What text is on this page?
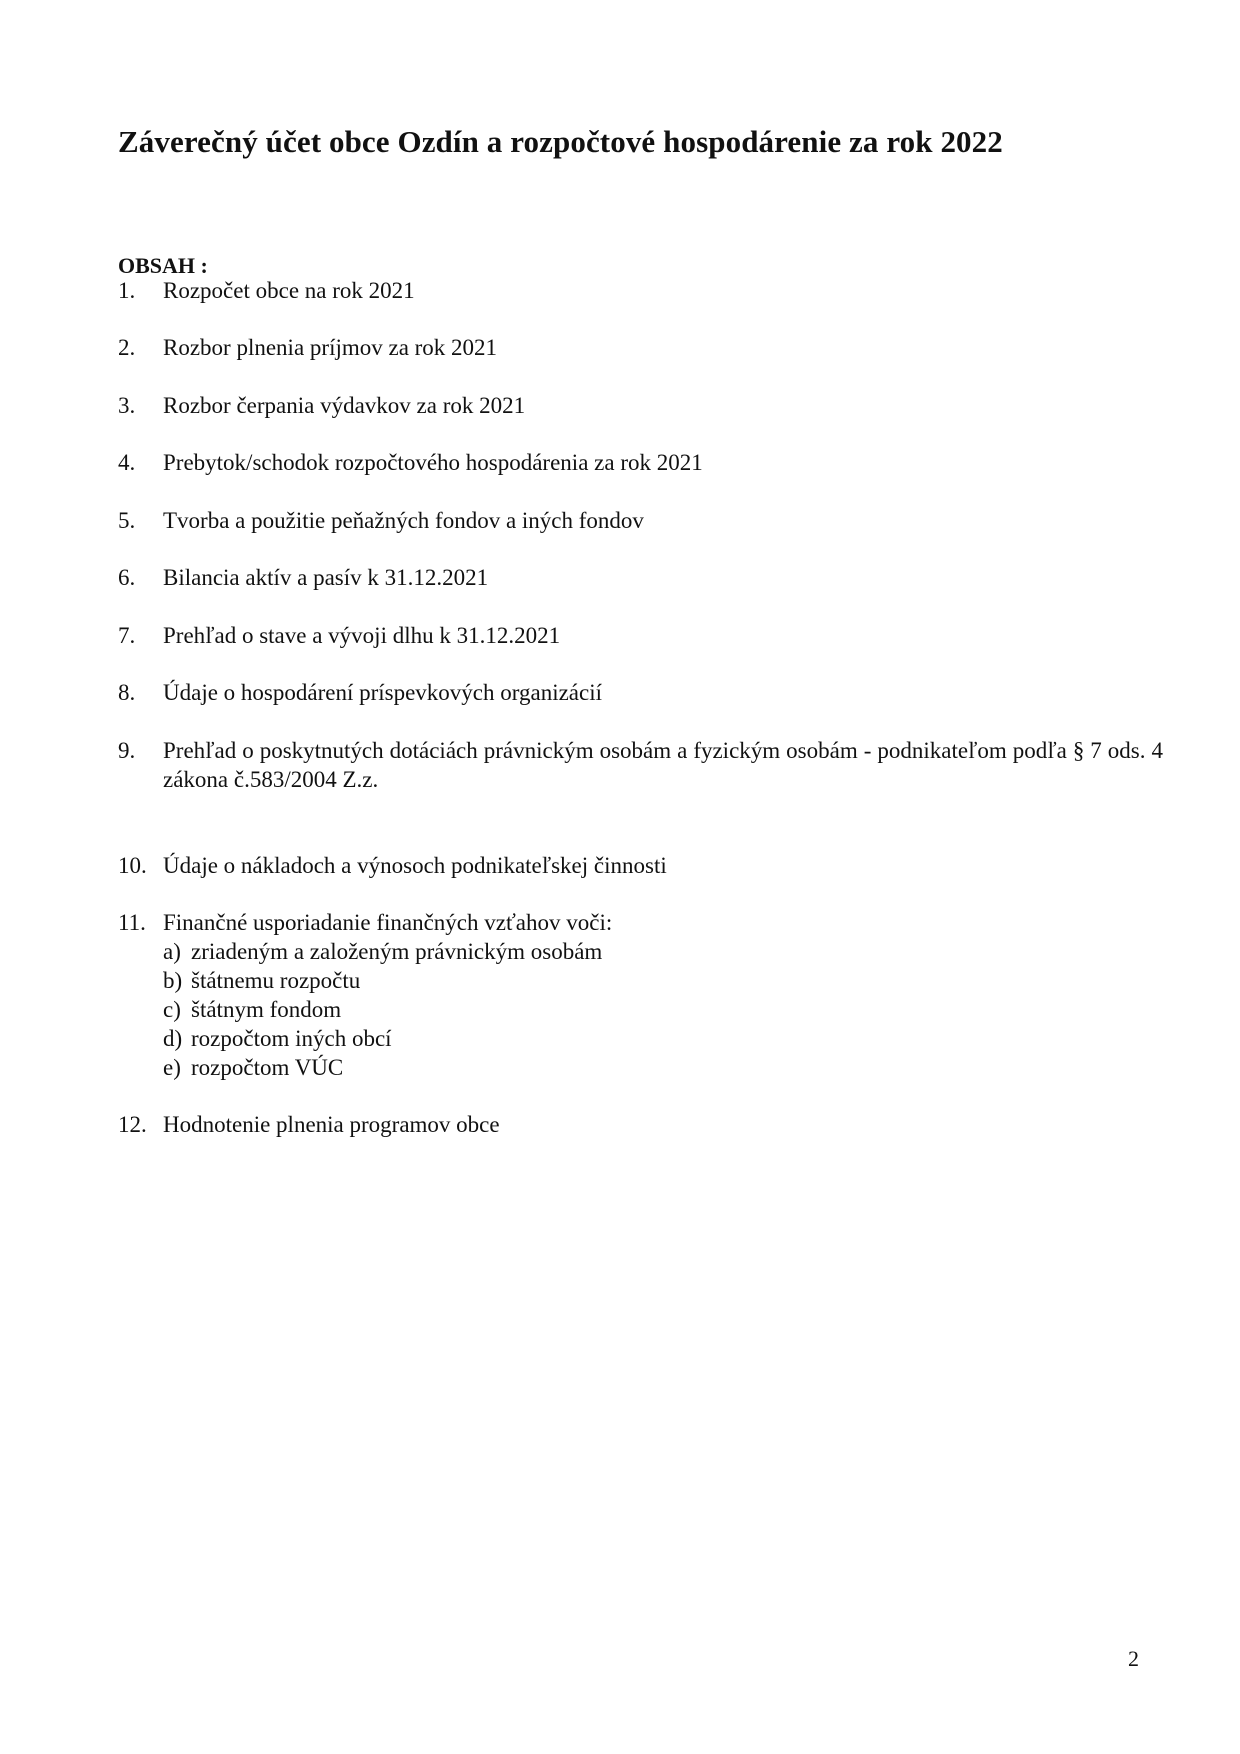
Záverečný účet obce Ozdín a rozpočtové hospodárenie za rok 2022
OBSAH :
1. Rozpočet obce na rok 2021
2. Rozbor plnenia príjmov za rok 2021
3. Rozbor čerpania výdavkov za rok 2021
4. Prebytok/schodok rozpočtového hospodárenia za rok 2021
5. Tvorba a použitie peňažných fondov a iných fondov
6. Bilancia aktív a pasív k 31.12.2021
7. Prehľad o stave a vývoji dlhu k 31.12.2021
8. Údaje o hospodárení príspevkových organizácií
9. Prehľad o poskytnutých dotáciách právnickým osobám a fyzickým osobám - podnikateľom podľa § 7 ods. 4 zákona č.583/2004 Z.z.
10. Údaje o nákladoch a výnosoch podnikateľskej činnosti
11. Finančné usporiadanie finančných vzťahov voči:
a) zriadeným a založeným právnickým osobám
b) štátnemu rozpočtu
c) štátnym fondom
d) rozpočtom iných obcí
e) rozpočtom VÚC
12. Hodnotenie plnenia programov obce
2
